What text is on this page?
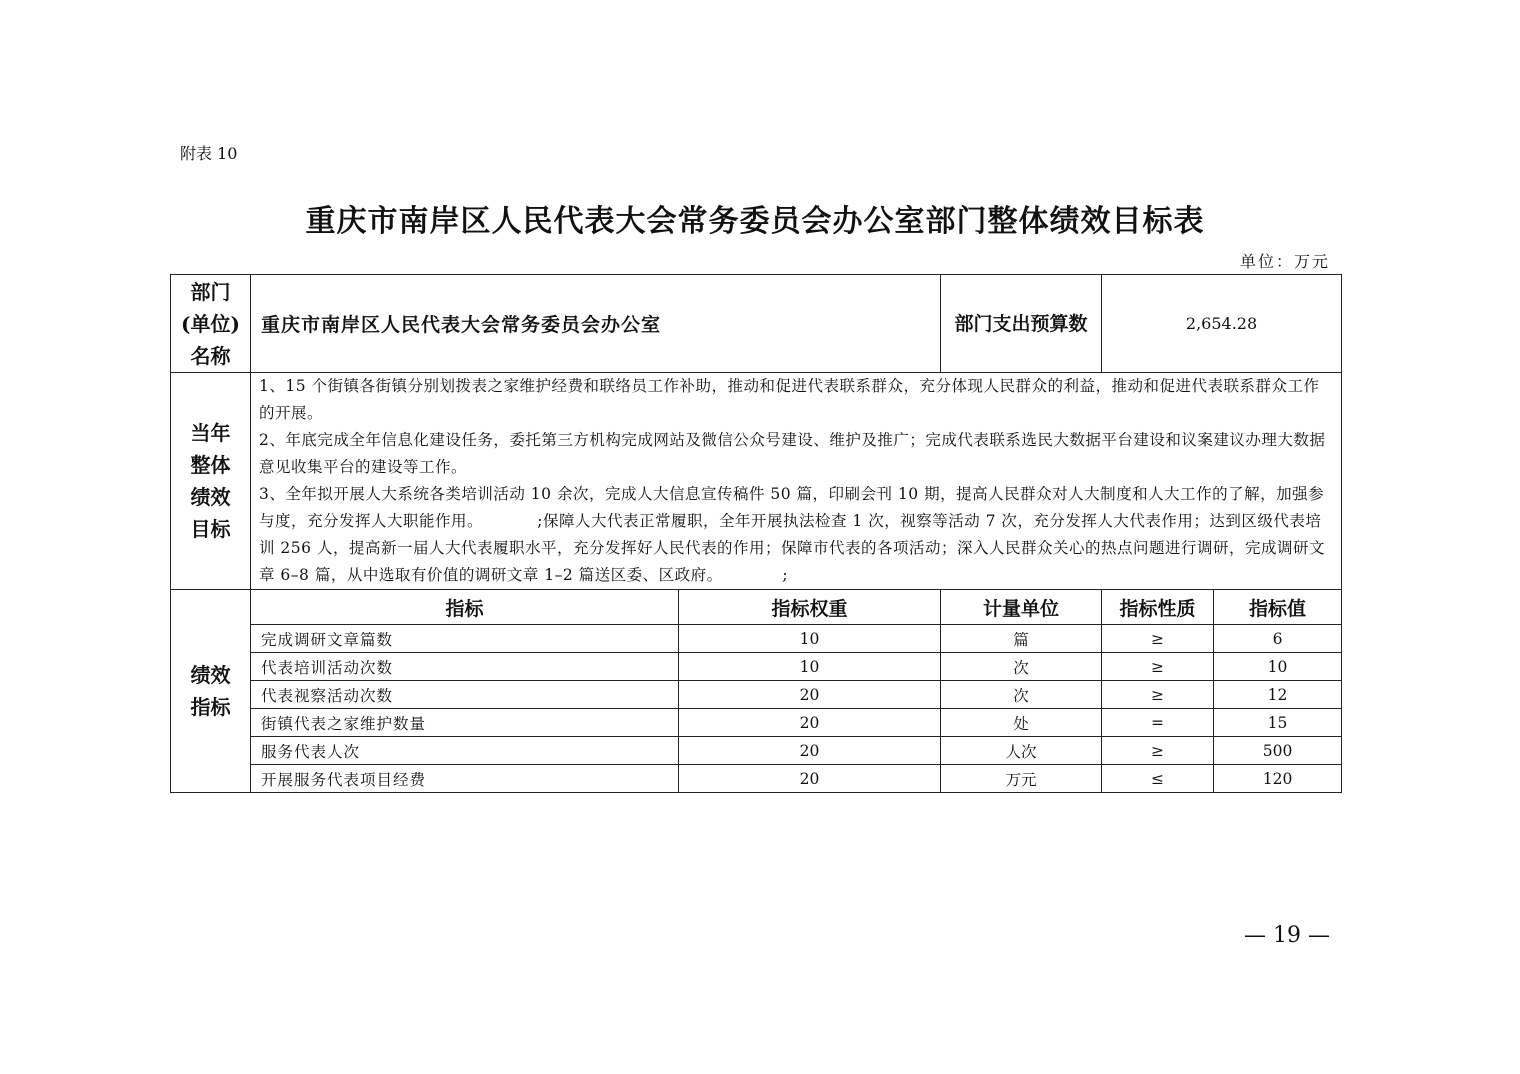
附表 10
重庆市南岸区人民代表大会常务委员会办公室部门整体绩效目标表
单位：万元
部门
(单位)
名称	重庆市南岸区人民代表大会常务委员会办公室		部门支出预算数	2,654.28	
当年整体绩效目标	1、15 个街镇各街镇分别划拨表之家维护经费和联络员工作补助，推动和促进代表联系群众，充分体现人民群众的利益，推动和促进代表联系群众工作的开展。

2、年底完成全年信息化建设任务，委托第三方机构完成网站及微信公众号建设、维护及推广；完成代表联系选民大数据平台建设和议案建议办理大数据意见收集平台的建设等工作。

3、全年拟开展人大系统各类培训活动 10 余次，完成人大信息宣传稿件 50 篇，印刷会刊 10 期，提高人民群众对人大制度和人大工作的了解，加强参与度，充分发挥人大职能作用。          ;保障人大代表正常履职，全年开展执法检查 1 次，视察等活动 7 次，充分发挥人大代表作用；达到区级代表培训 256 人，提高新一届人大代表履职水平，充分发挥好人民代表的作用；保障市代表的各项活动；深入人民群众关心的热点问题进行调研，完成调研文章 6–8 篇，从中选取有价值的调研文章 1–2 篇送区委、区政府。           ;				

绩效指标	指标	指标权重	计量单位	指标性质	指标值
	完成调研文章篇数	10	篇	≥	6
	代表培训活动次数	10	次	≥	10
	代表视察活动次数	20	次	≥	12
	街镇代表之家维护数量	20	处	=	15
	服务代表人次	20	人次	≥	500
	开展服务代表项目经费	20	万元	≤	120
— 19 —
